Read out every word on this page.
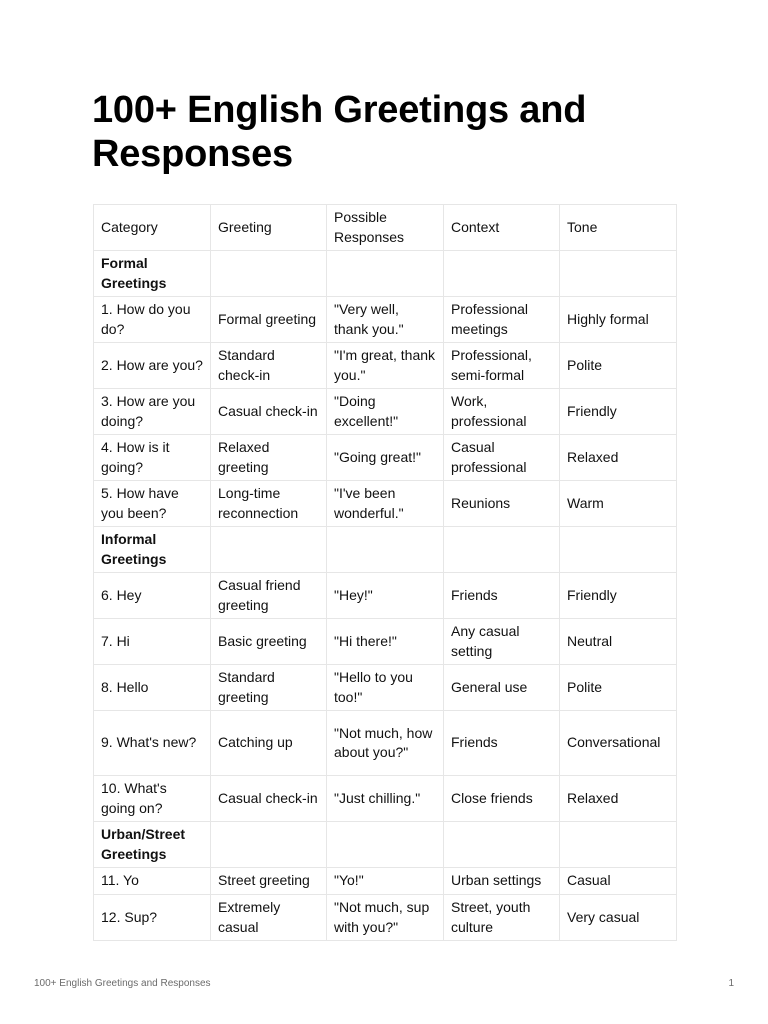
100+ English Greetings and Responses
Category	Greeting	Possible Responses	Context	Tone
Formal Greetings				
1. How do you do?	Formal greeting	"Very well, thank you."	Professional meetings	Highly formal
2. How are you?	Standard check-in	"I'm great, thank you."	Professional, semi-formal	Polite
3. How are you doing?	Casual check-in	"Doing excellent!"	Work, professional	Friendly
4. How is it going?	Relaxed greeting	"Going great!"	Casual professional	Relaxed
5. How have you been?	Long-time reconnection	"I've been wonderful."	Reunions	Warm
Informal Greetings				
6. Hey	Casual friend greeting	"Hey!"	Friends	Friendly
7. Hi	Basic greeting	"Hi there!"	Any casual setting	Neutral
8. Hello	Standard greeting	"Hello to you too!"	General use	Polite
9. What's new?	Catching up	"Not much, how about you?"	Friends	Conversational
10. What's going on?	Casual check-in	"Just chilling."	Close friends	Relaxed
Urban/Street Greetings				
11. Yo	Street greeting	"Yo!"	Urban settings	Casual
12. Sup?	Extremely casual	"Not much, sup with you?"	Street, youth culture	Very casual
100+ English Greetings and Responses	1
